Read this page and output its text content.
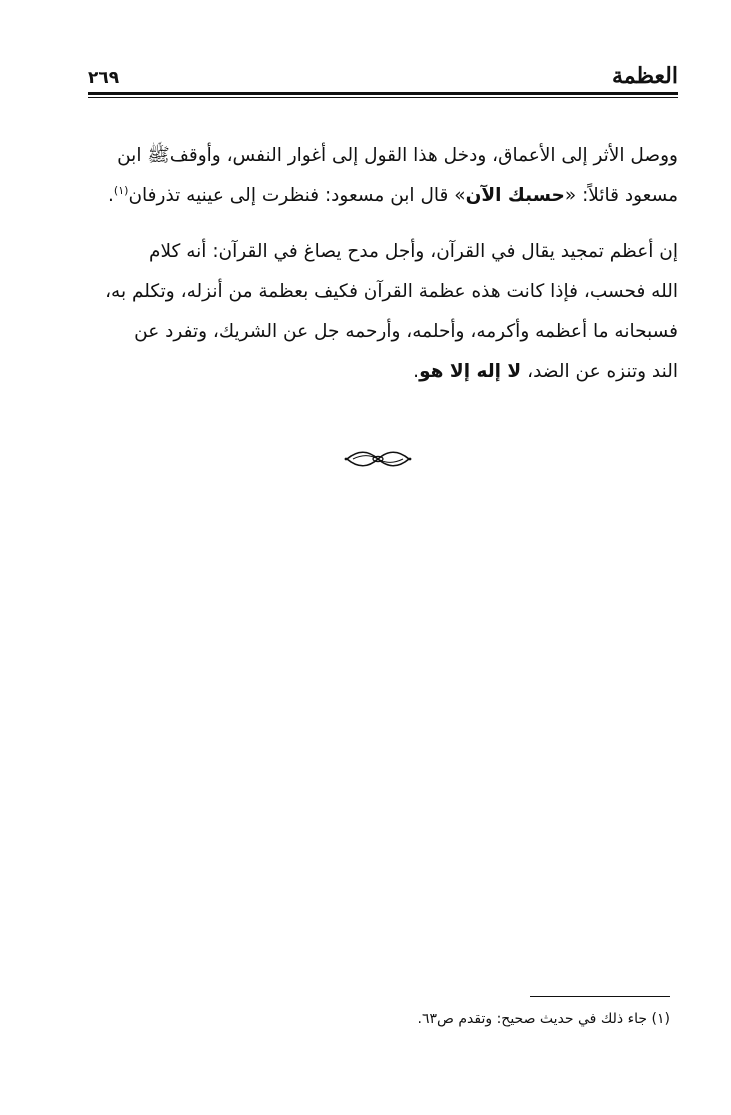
العظمة
٢٦٩
ووصل الأثر إلى الأعماق، ودخل هذا القول إلى أغوار النفس، وأوقفﷺ ابن
مسعود قائلاً: «حسبك الآن» قال ابن مسعود: فنظرت إلى عينيه تذرفان$^{(١)}$.
إن أعظم تمجيد يقال في القرآن، وأجل مدح يصاغ في القرآن: أنه كلام
الله فحسب، فإذا كانت هذه عظمة القرآن فكيف بعظمة من أنزله، وتكلم به،
فسبحانه ما أعظمه وأكرمه، وأحلمه، وأرحمه جل عن الشريك، وتفرد عن
الند وتنزه عن الضد، لا إله إلا هو.
(١) جاء ذلك في حديث صحيح: وتقدم ص٦٣.
